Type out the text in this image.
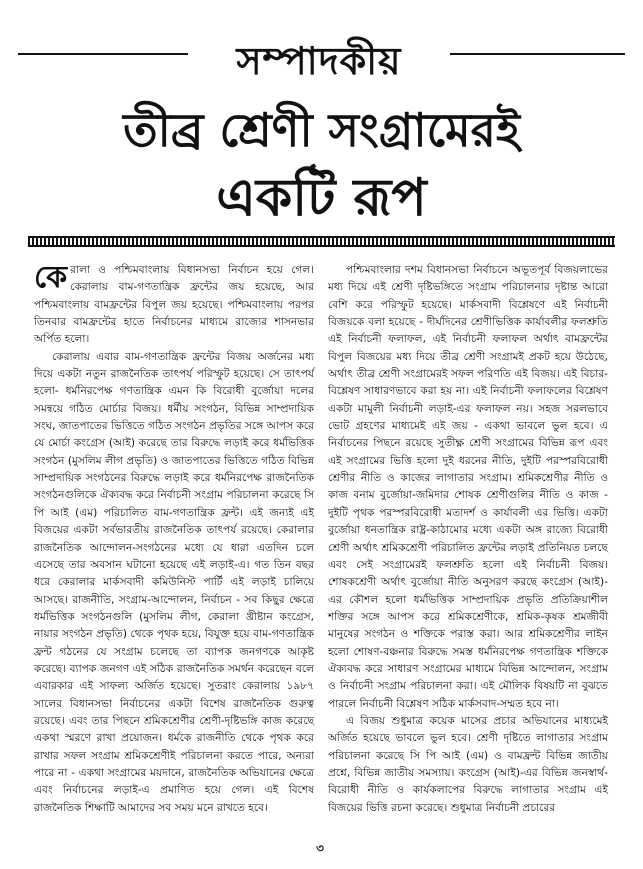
সম্পাদকীয়
তীব্র শ্রেণী সংগ্রামেরই
একটি রূপ

কেরালা ও পশ্চিমবাংলায় বিধানসভা নির্বাচন হয়ে গেল। কেরালায় বাম-গণতান্ত্রিক ফ্রন্টের জয় হয়েছে, আর পশ্চিমবাংলায় বামফ্রন্টের বিপুল জয় হয়েছে। পশ্চিমবাংলায় পরপর তিনবার বামফ্রন্টের হাতে নির্বাচনের মাধ্যমে রাজ্যের শাসনভার অর্পিত হলো।

কেরালায় এবার বাম-গণতান্ত্রিক ফ্রন্টের বিজয় অর্জনের মধ্য দিয়ে একটা নতুন রাজনৈতিক তাৎপর্য পরিস্ফুট হয়েছে। সে তাৎপর্য হলো- ধর্মনিরপেক্ষ গণতান্ত্রিক এমন কি বিরোধী বুর্জোয়া দলের সমন্বয়ে গঠিত মোর্চার বিজয়। ধর্মীয় সংগঠন, বিভিন্ন সাম্প্রদায়িক সংঘ, জাতপাতের ভিত্তিতে গঠিত সংগঠন প্রভৃতির সঙ্গে আপস করে যে মোর্চা কংগ্রেস (আই) করেছে তার বিরুদ্ধে লড়াই করে ধর্মভিত্তিক সংগঠন (মুসলিম লীগ প্রভৃতি) ও জাতপাতের ভিত্তিতে গঠিত বিভিন্ন সাম্প্রদায়িক সংগঠনের বিরুদ্ধে লড়াই করে ধর্মনিরপেক্ষ রাজনৈতিক সংগঠনগুলিকে ঐক্যবদ্ধ করে নির্বাচনী সংগ্রাম পরিচালনা করেছে সি পি আই (এম) পরিচালিত বাম-গণতান্ত্রিক ফ্রন্ট। এই জন্যই এই বিজয়ের একটা সর্বভারতীয় রাজনৈতিক তাৎপর্য রয়েছে। কেরালার রাজনৈতিক আন্দোলন-সংগঠনের মধ্যে যে ধারা এতদিন চলে এসেছে তার অবসান ঘটানো হয়েছে এই লড়াই-এ। গত তিন বছর ধরে কেরালার মার্কসবাদী কমিউনিস্ট পার্টি এই লড়াই চালিয়ে আসছে। রাজনীতি, সংগ্রাম-আন্দোলন, নির্বাচন - সব কিছুর ক্ষেত্রে ধর্মভিত্তিক সংগঠনগুলি (মুসলিম লীগ, কেরালা খ্রীষ্টান কংগ্রেস, নায়ার সংগঠন প্রভৃতি) থেকে পৃথক হয়ে, বিযুক্ত হয়ে বাম-গণতান্ত্রিক ফ্রন্ট গঠনের যে সংগ্রাম চলেছে তা ব্যাপক জনগণকে আকৃষ্ট করেছে। ব্যাপক জনগণ এই সঠিক রাজনৈতিক সমর্থন করেছেন বলে এবারকার এই সাফল্য অর্জিত হয়েছে। সুতরাং কেরালায় ১৯৮৭ সালের বিধানসভা নির্বাচনের একটা বিশেষ রাজনৈতিক গুরুত্ব রয়েছে। এবং তার পিছনে শ্রমিকশ্রেণীর শ্রেণী-দৃষ্টিভঙ্গি কাজ করেছে একথা স্মরণে রাখা প্রয়োজন। ধর্মকে রাজনীতি থেকে পৃথক করে রাখার সফল সংগ্রাম শ্রমিকশ্রেণীই পরিচালনা করতে পারে, অন্যরা পারে না - একথা সংগ্রামের ময়দানে, রাজনৈতিক অভিযানের ক্ষেত্রে এবং নির্বাচনের লড়াই-এ প্রমাণিত হয়ে গেল। এই বিশেষ রাজনৈতিক শিক্ষাটি আমাদের সব সময় মনে রাখতে হবে।

পশ্চিমবাংলার দশম বিধানসভা নির্বাচনে অভূতপূর্ব বিজয়লাভের মধ্য দিয়ে এই শ্রেণী দৃষ্টিভঙ্গিতে সংগ্রাম পরিচালনার দৃষ্টান্ত আরো বেশি করে পরিস্ফুট হয়েছে। মার্কসবাদী বিশ্লেষণে এই নির্বাচনী বিজয়কে বলা হয়েছে - দীর্ঘদিনের শ্রেণীভিত্তিক কার্যাবলীর ফলশ্রুতি এই নির্বাচনী ফলাফল, এই নির্বাচনী ফলাফল অর্থাৎ বামফ্রন্টের বিপুল বিজয়ের মধ্য দিয়ে তীব্র শ্রেণী সংগ্রামই প্রকট হয়ে উঠেছে, অর্থাৎ তীব্র শ্রেণী সংগ্রামেরই সফল পরিণতি এই বিজয়। এই বিচার-বিশ্লেষণ সাধারণভাবে করা হয় না। এই নির্বাচনী ফলাফলের বিশ্লেষণ একটা মামুলী নির্বাচনী লড়াই-এর ফলাফল নয়। সহজ সরলভাবে ভোট গ্রহণের মাধ্যমেই এই জয় - একথা ভাবলে ভুল হবে। এ নির্বাচনের পিছনে রয়েছে সুতীক্ষ্ণ শ্রেণী সংগ্রামের বিভিন্ন রূপ এবং এই সংগ্রামের ভিত্তি হলো দুই ধরনের নীতি, দুইটি পরস্পরবিরোধী শ্রেণীর নীতি ও কাজের লাগাতার সংগ্রাম। শ্রমিকশ্রেণীর নীতি ও কাজ বনাম বুর্জোয়া-জমিদার শোষক শ্রেণীগুলির নীতি ও কাজ - দুইটি পৃথক পরস্পরবিরোধী মতাদর্শ ও কার্যাবলী এর ভিত্তি। একটা বুর্জোয়া ধনতান্ত্রিক রাষ্ট্র-কাঠামোর মধ্যে একটা অঙ্গ রাজ্যে বিরোধী শ্রেণী অর্থাৎ শ্রমিকশ্রেণী পরিচালিত ফ্রন্টের লড়াই প্রতিনিয়ত চলছে এবং সেই সংগ্রামেরই ফলশ্রুতি হলো এই নির্বাচনী বিজয়। শোষকশ্রেণী অর্থাৎ বুর্জোয়া নীতি অনুসরণ করছে কংগ্রেস (আই)-এর কৌশল হলো ধর্মভিত্তিক সাম্প্রদায়িক প্রভৃতি প্রতিক্রিয়াশীল শক্তির সঙ্গে আপস করে শ্রমিকশ্রেণীকে, শ্রমিক-কৃষক শ্রমজীবী মানুষের সংগঠন ও শক্তিকে পরাস্ত করা। আর শ্রমিকশ্রেণীর লাইন হলো শোষণ-বঞ্চনার বিরুদ্ধে সমস্ত ধর্মনিরপেক্ষ গণতান্ত্রিক শক্তিকে ঐক্যবদ্ধ করে সাধারণ সংগ্রামের মাধ্যমে বিভিন্ন আন্দোলন, সংগ্রাম ও নির্বাচনী সংগ্রাম পরিচালনা করা। এই মৌলিক বিষয়টি না বুঝতে পারলে নির্বাচনী বিশ্লেষণ সঠিক মার্কসবাদ-সম্মত হবে না।

এ বিজয় শুধুমাত্র কয়েক মাসের প্রচার অভিযানের মাধ্যমেই অর্জিত হয়েছে ভাবলে ভুল হবে। শ্রেণী দৃষ্টিতে লাগাতার সংগ্রাম পরিচালনা করেছে সি পি আই (এম) ও বামফ্রন্ট বিভিন্ন জাতীয় প্রশ্নে, বিভিন্ন জাতীয় সমস্যায়। কংগ্রেস (আই)-এর বিভিন্ন জনস্বার্থ-বিরোধী নীতি ও কার্যকলাপের বিরুদ্ধে লাগাতার সংগ্রাম এই বিজয়ের ভিত্তি রচনা করেছে। শুধুমাত্র নির্বাচনী প্রচারের

৩
